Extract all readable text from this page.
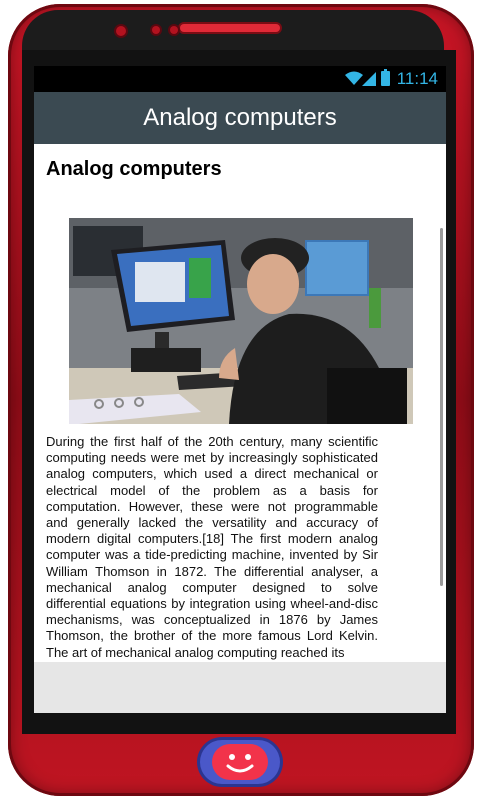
11:14
Analog computers
Analog computers

During the first half of the 20th century, many scientific computing needs were met by increasingly sophisticated analog computers, which used a direct mechanical or electrical model of the problem as a basis for computation. However, these were not programmable and generally lacked the versatility and accuracy of modern digital computers.[18] The first modern analog computer was a tide-predicting machine, invented by Sir William Thomson in 1872. The differential analyser, a mechanical analog computer designed to solve differential equations by integration using wheel-and-disc mechanisms, was conceptualized in 1876 by James Thomson, the brother of the more famous Lord Kelvin. The art of mechanical analog computing reached its
